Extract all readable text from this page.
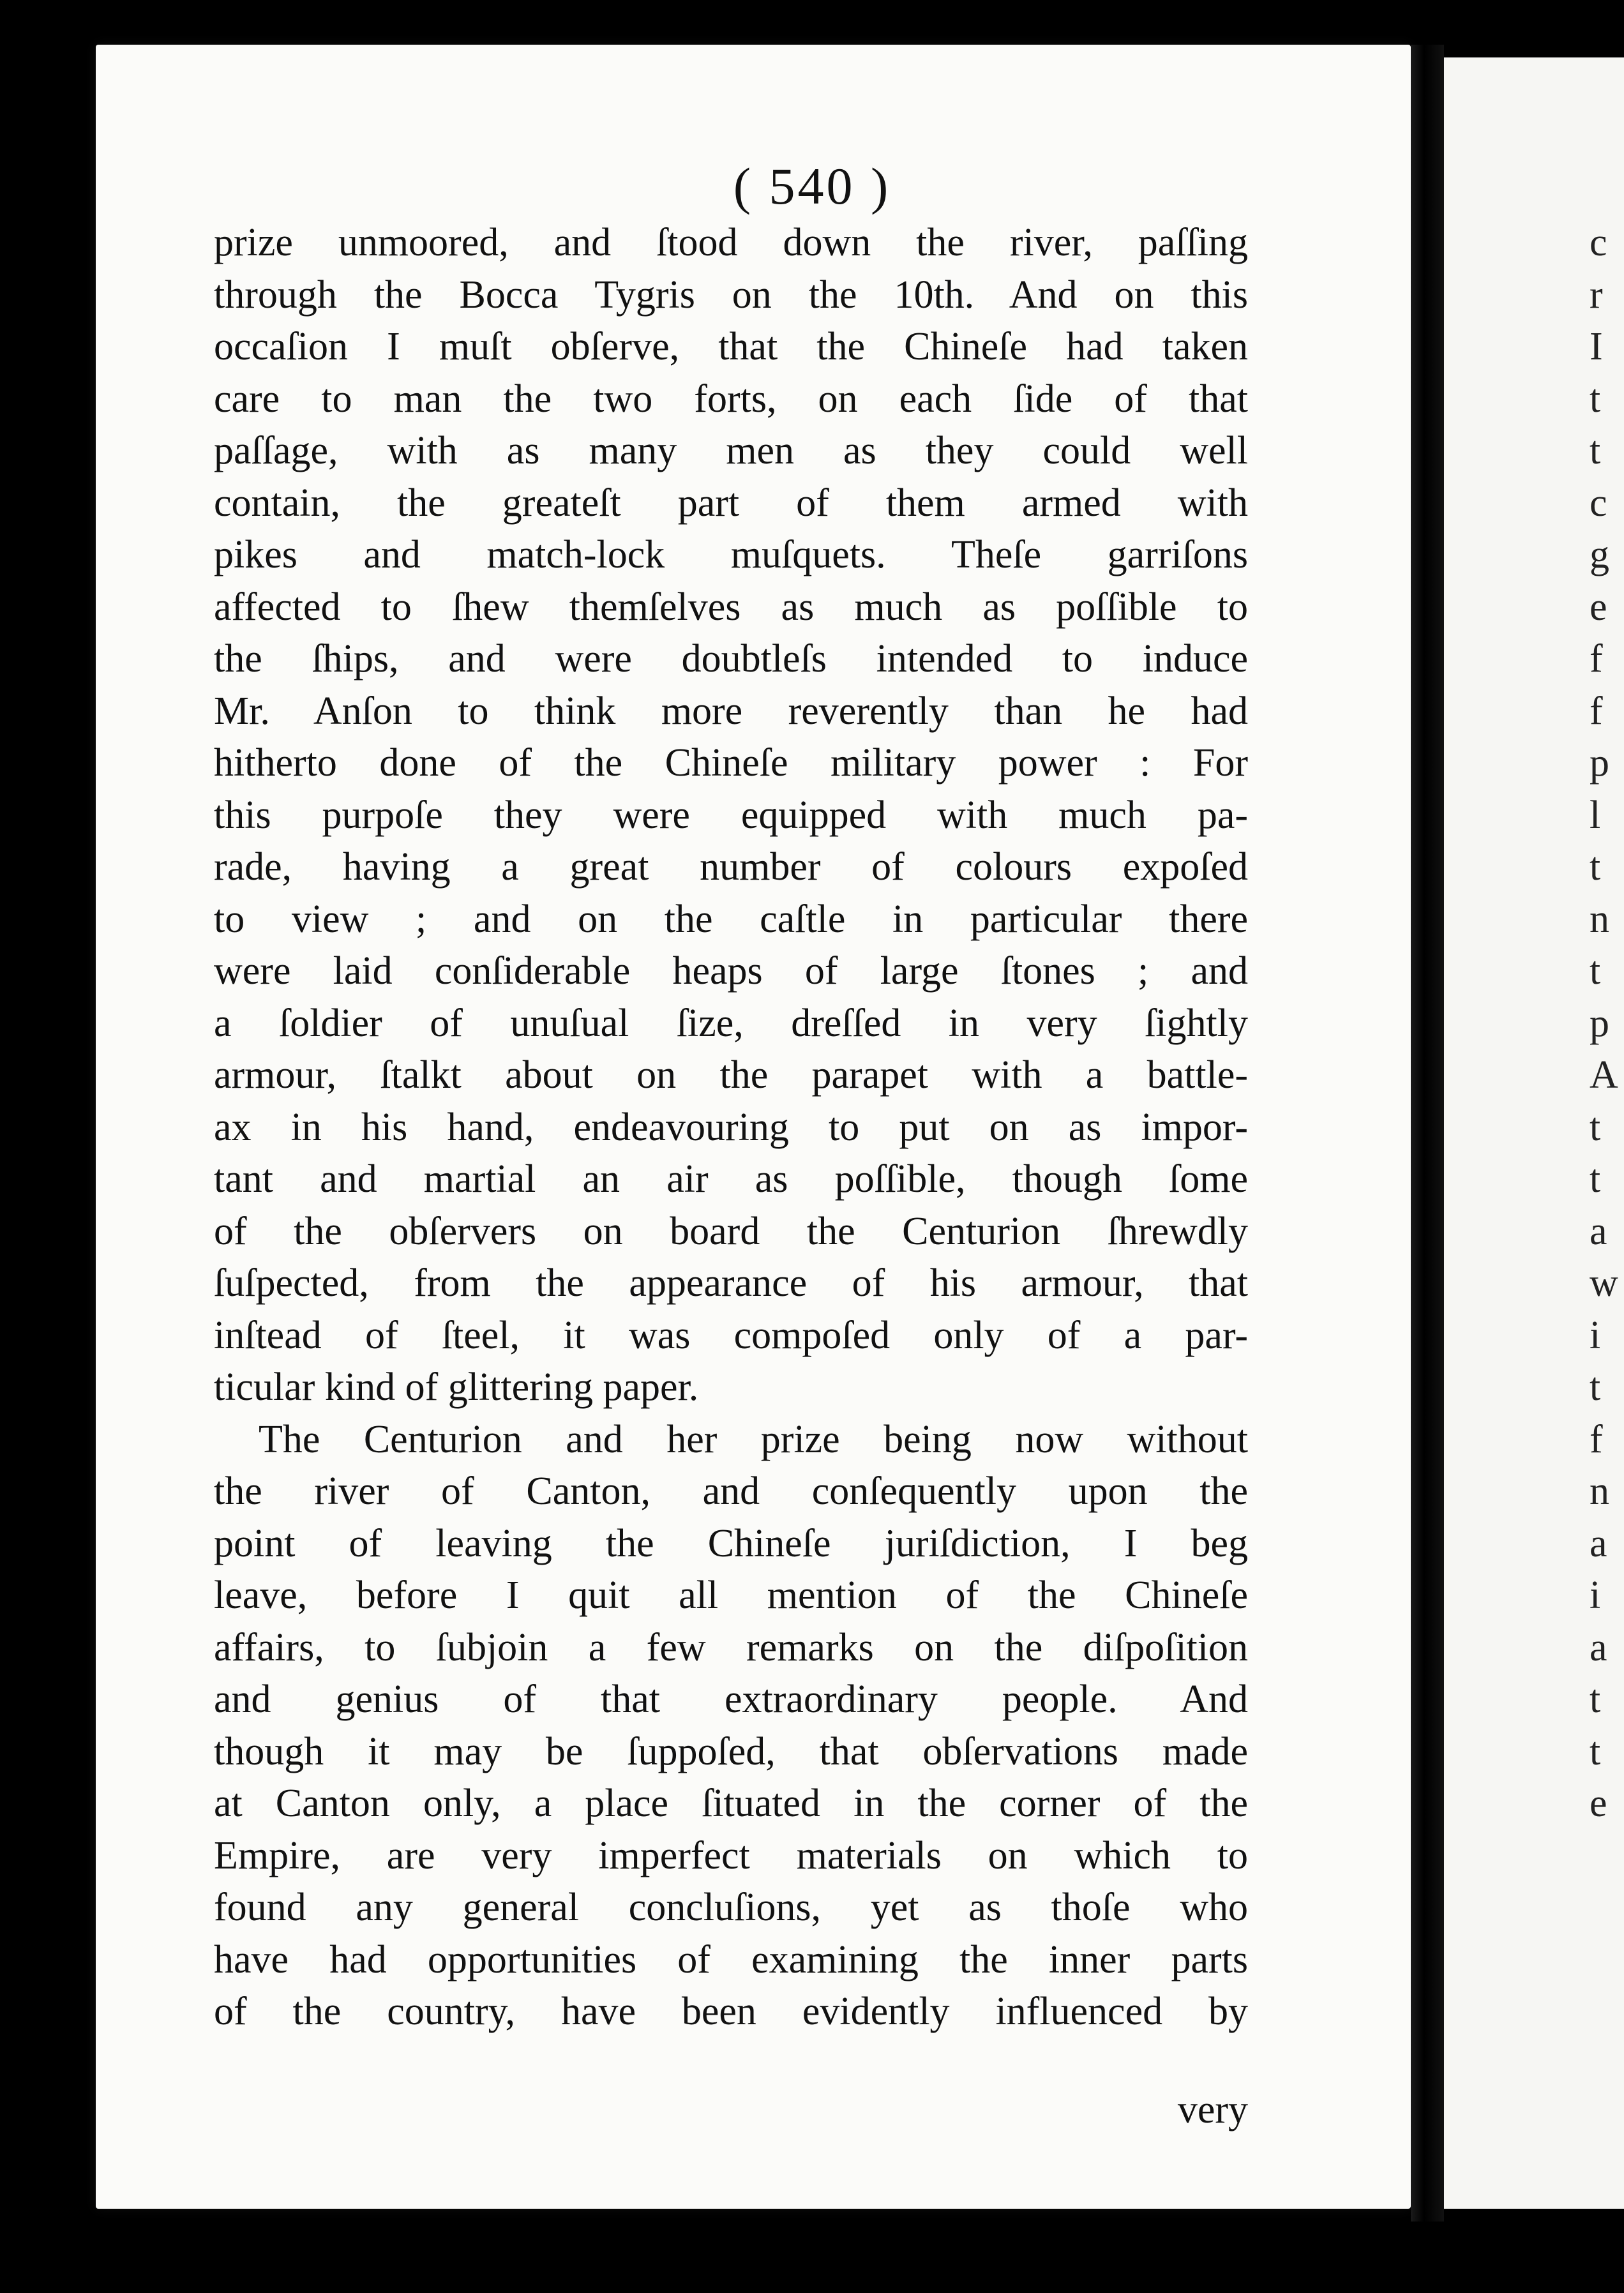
( 540 )
prize unmoored, and ſtood down the river, paſſing
through the Bocca Tygris on the 10th. And on this
occaſion I muſt obſerve, that the Chineſe had taken
care to man the two forts, on each ſide of that
paſſage, with as many men as they could well
contain, the greateſt part of them armed with
pikes and match-lock muſquets. Theſe garriſons
affected to ſhew themſelves as much as poſſible to
the ſhips, and were doubtleſs intended to induce
Mr. Anſon to think more reverently than he had
hitherto done of the Chineſe military power : For
this purpoſe they were equipped with much pa-
rade, having a great number of colours expoſed
to view ; and on the caſtle in particular there
were laid conſiderable heaps of large ſtones ; and
a ſoldier of unuſual ſize, dreſſed in very ſightly
armour, ſtalkt about on the parapet with a battle-
ax in his hand, endeavouring to put on as impor-
tant and martial an air as poſſible, though ſome
of the obſervers on board the Centurion ſhrewdly
ſuſpected, from the appearance of his armour, that
inſtead of ſteel, it was compoſed only of a par-
ticular kind of glittering paper.
The Centurion and her prize being now without
the river of Canton, and conſequently upon the
point of leaving the Chineſe juriſdiction, I beg
leave, before I quit all mention of the Chineſe
affairs, to ſubjoin a few remarks on the diſpoſition
and genius of that extraordinary people. And
though it may be ſuppoſed, that obſervations made
at Canton only, a place ſituated in the corner of the
Empire, are very imperfect materials on which to
found any general concluſions, yet as thoſe who
have had opportunities of examining the inner parts
of the country, have been evidently influenced by
very
c
r
I
t
t
c
g
e
f
f
p
l
t
n
t
p
A
t
t
a
w
i
t
f
n
a
i
a
t
t
e
